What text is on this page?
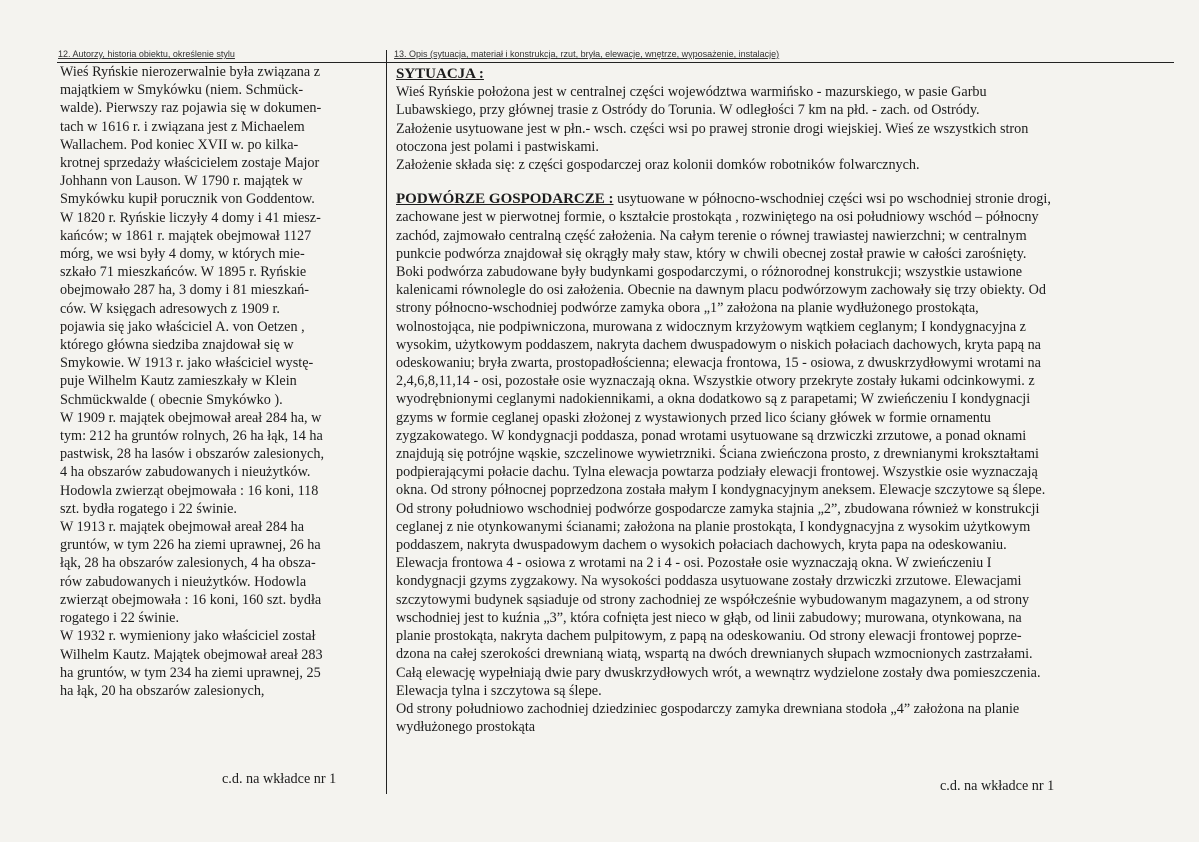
12. Autorzy, historia obiektu, określenie stylu	13. Opis (sytuacja, materiał i konstrukcja, rzut, bryła, elewacje, wnętrze, wyposażenie, instalacje)

Wieś Ryńskie nierozerwalnie była związana z

majątkiem w Smykówku (niem. Schmück-

walde). Pierwszy raz pojawia się w dokumen-

tach w 1616 r. i związana jest z Michaelem

Wallachem. Pod koniec XVII w. po kilka-

krotnej sprzedaży właścicielem zostaje Major

Johhann von Lauson. W 1790 r. majątek w

Smykówku kupił porucznik von Goddentow.

W 1820 r. Ryńskie liczyły 4 domy i 41 miesz-

kańców; w 1861 r. majątek obejmował 1127

mórg, we wsi były 4 domy, w których mie-

szkało 71 mieszkańców. W 1895 r. Ryńskie

obejmowało 287 ha, 3 domy i 81 mieszkań-

ców. W księgach adresowych z 1909 r.

pojawia się jako właściciel A. von Oetzen ,

którego główna siedziba znajdował się w

Smykowie. W 1913 r. jako właściciel wystę-

puje Wilhelm Kautz zamieszkały w Klein

Schmückwalde ( obecnie Smykówko ).

W 1909 r. majątek obejmował areał 284 ha, w

tym: 212 ha gruntów rolnych, 26 ha łąk, 14 ha

pastwisk, 28 ha lasów i obszarów zalesionych,

4 ha obszarów zabudowanych i nieużytków.

Hodowla zwierząt obejmowała : 16 koni, 118

szt. bydła rogatego i 22 świnie.

W 1913 r. majątek obejmował areał 284 ha

gruntów, w tym 226 ha ziemi uprawnej, 26 ha

łąk, 28 ha obszarów zalesionych, 4 ha obsza-

rów zabudowanych i nieużytków. Hodowla

zwierząt obejmowała : 16 koni, 160 szt. bydła

rogatego i 22 świnie.

W 1932 r. wymieniony jako właściciel został

Wilhelm Kautz. Majątek obejmował areał 283

ha gruntów, w tym 234 ha ziemi uprawnej, 25

ha łąk, 20 ha obszarów zalesionych,

c.d. na wkładce nr 1

SYTUACJA :

Wieś Ryńskie położona jest w centralnej części województwa warmińsko - mazurskiego, w pasie Garbu

Lubawskiego, przy głównej trasie z Ostródy do Torunia. W odległości 7 km na płd. - zach. od Ostródy.

Założenie usytuowane jest w płn.- wsch. części wsi po prawej stronie drogi wiejskiej. Wieś ze wszystkich stron

otoczona jest polami i pastwiskami.

Założenie składa się: z części gospodarczej oraz kolonii domków robotników folwarcznych.

PODWÓRZE GOSPODARCZE : usytuowane w północno-wschodniej części wsi po wschodniej stronie drogi,

zachowane jest w pierwotnej formie, o kształcie prostokąta , rozwiniętego na osi południowy wschód – północny

zachód, zajmowało centralną część założenia. Na całym terenie o równej trawiastej nawierzchni; w centralnym

punkcie podwórza znajdował się okrągły mały staw, który w chwili obecnej został prawie w całości zarośnięty.

Boki podwórza zabudowane były budynkami gospodarczymi, o różnorodnej konstrukcji; wszystkie ustawione

kalenicami równolegle do osi założenia. Obecnie na dawnym placu podwórzowym zachowały się trzy obiekty. Od

strony północno-wschodniej podwórze zamyka obora „1” założona na planie wydłużonego prostokąta,

wolnostojąca, nie podpiwniczona, murowana z widocznym krzyżowym wątkiem ceglanym; I kondygnacyjna z

wysokim, użytkowym poddaszem, nakryta dachem dwuspadowym o niskich połaciach dachowych, kryta papą na

odeskowaniu; bryła zwarta, prostopadłościenna; elewacja frontowa, 15 - osiowa, z dwuskrzydłowymi wrotami na

2,4,6,8,11,14 - osi, pozostałe osie wyznaczają okna. Wszystkie otwory przekryte zostały łukami odcinkowymi. z

wyodrębnionymi ceglanymi nadokiennikami, a okna dodatkowo są z parapetami; W zwieńczeniu I kondygnacji

gzyms w formie ceglanej opaski złożonej z wystawionych przed lico ściany główek w formie ornamentu

zygzakowatego. W kondygnacji poddasza, ponad wrotami usytuowane są drzwiczki zrzutowe, a ponad oknami

znajdują się potrójne wąskie, szczelinowe wywietrzniki. Ściana zwieńczona prosto, z drewnianymi krokształtami

podpierającymi połacie dachu. Tylna elewacja powtarza podziały elewacji frontowej. Wszystkie osie wyznaczają

okna. Od strony północnej poprzedzona została małym I kondygnacyjnym aneksem. Elewacje szczytowe są ślepe.

Od strony południowo wschodniej podwórze gospodarcze zamyka stajnia „2”, zbudowana również w konstrukcji

ceglanej z nie otynkowanymi ścianami; założona na planie prostokąta, I kondygnacyjna z wysokim użytkowym

poddaszem, nakryta dwuspadowym dachem o wysokich połaciach dachowych, kryta papa na odeskowaniu.

Elewacja frontowa 4 - osiowa z wrotami na 2 i 4 - osi. Pozostałe osie wyznaczają okna. W zwieńczeniu I

kondygnacji gzyms zygzakowy. Na wysokości poddasza usytuowane zostały drzwiczki zrzutowe. Elewacjami

szczytowymi budynek sąsiaduje od strony zachodniej ze współcześnie wybudowanym magazynem, a od strony

wschodniej jest to kuźnia „3”, która cofnięta jest nieco w głąb, od linii zabudowy; murowana, otynkowana, na

planie prostokąta, nakryta dachem pulpitowym, z papą na odeskowaniu. Od strony elewacji frontowej poprze-

dzona na całej szerokości drewnianą wiatą, wspartą na dwóch drewnianych słupach wzmocnionych zastrzałami.

Całą elewację wypełniają dwie pary dwuskrzydłowych wrót, a wewnątrz wydzielone zostały dwa pomieszczenia.

Elewacja tylna i szczytowa są ślepe.

Od strony południowo zachodniej dziedziniec gospodarczy zamyka drewniana stodoła „4” założona na planie

wydłużonego prostokąta

c.d. na wkładce nr 1
